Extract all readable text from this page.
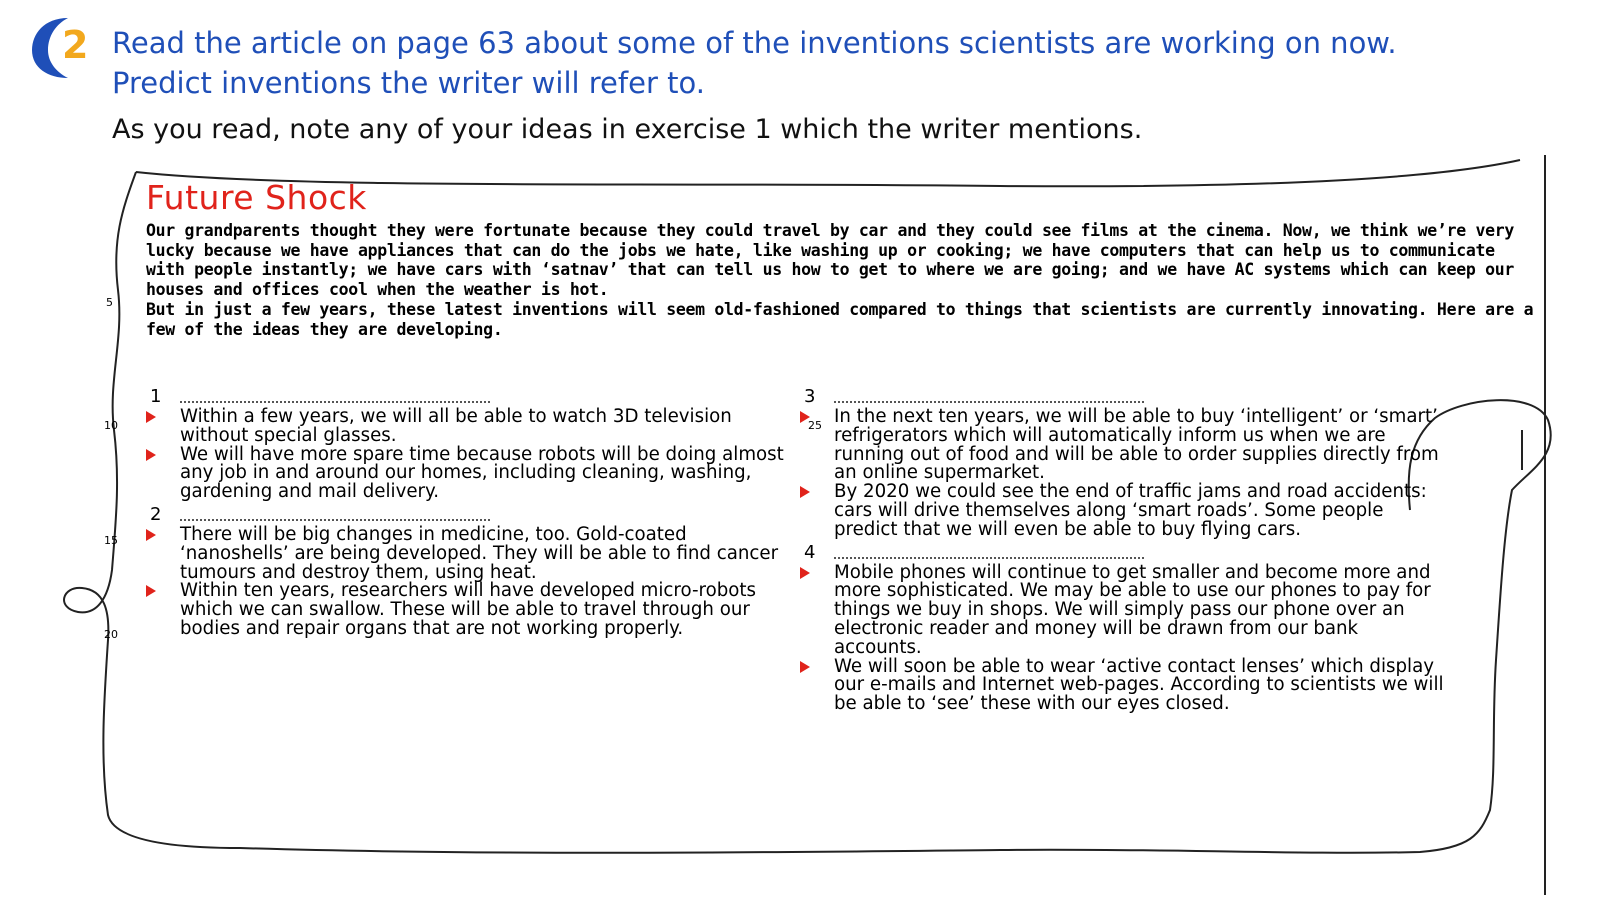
2 Read the article on page 63 about some of the inventions scientists are working on now.

Predict inventions the writer will refer to.

As you read, note any of your ideas in exercise 1 which the writer mentions.

Future Shock

Our grandparents thought they were fortunate because they could travel by car and they could see films at the cinema. Now, we think we’re very lucky because we have appliances that can do the jobs we hate, like washing up or cooking; we have computers that can help us to communicate with people instantly; we have cars with ‘satnav’ that can tell us how to get to where we are going; and we have AC systems which can keep our houses and offices cool when the weather is hot.

But in just a few years, these latest inventions will seem old-fashioned compared to things that scientists are currently innovating. Here are a few of the ideas they are developing.

5
10
15
20
25
1

Within a few years, we will all be able to watch 3D television without special glasses.

We will have more spare time because robots will be doing almost any job in and around our homes, including cleaning, washing, gardening and mail delivery.

2

There will be big changes in medicine, too. Gold-coated ‘nanoshells’ are being developed. They will be able to find cancer tumours and destroy them, using heat.

Within ten years, researchers will have developed micro-robots which we can swallow. These will be able to travel through our bodies and repair organs that are not working properly.

3

In the next ten years, we will be able to buy ‘intelligent’ or ‘smart’ refrigerators which will automatically inform us when we are running out of food and will be able to order supplies directly from an online supermarket.

By 2020 we could see the end of traffic jams and road accidents: cars will drive themselves along ‘smart roads’. Some people predict that we will even be able to buy flying cars.

4

Mobile phones will continue to get smaller and become more and more sophisticated. We may be able to use our phones to pay for things we buy in shops. We will simply pass our phone over an electronic reader and money will be drawn from our bank accounts.

We will soon be able to wear ‘active contact lenses’ which display our e-mails and Internet web-pages. According to scientists we will be able to ‘see’ these with our eyes closed.
